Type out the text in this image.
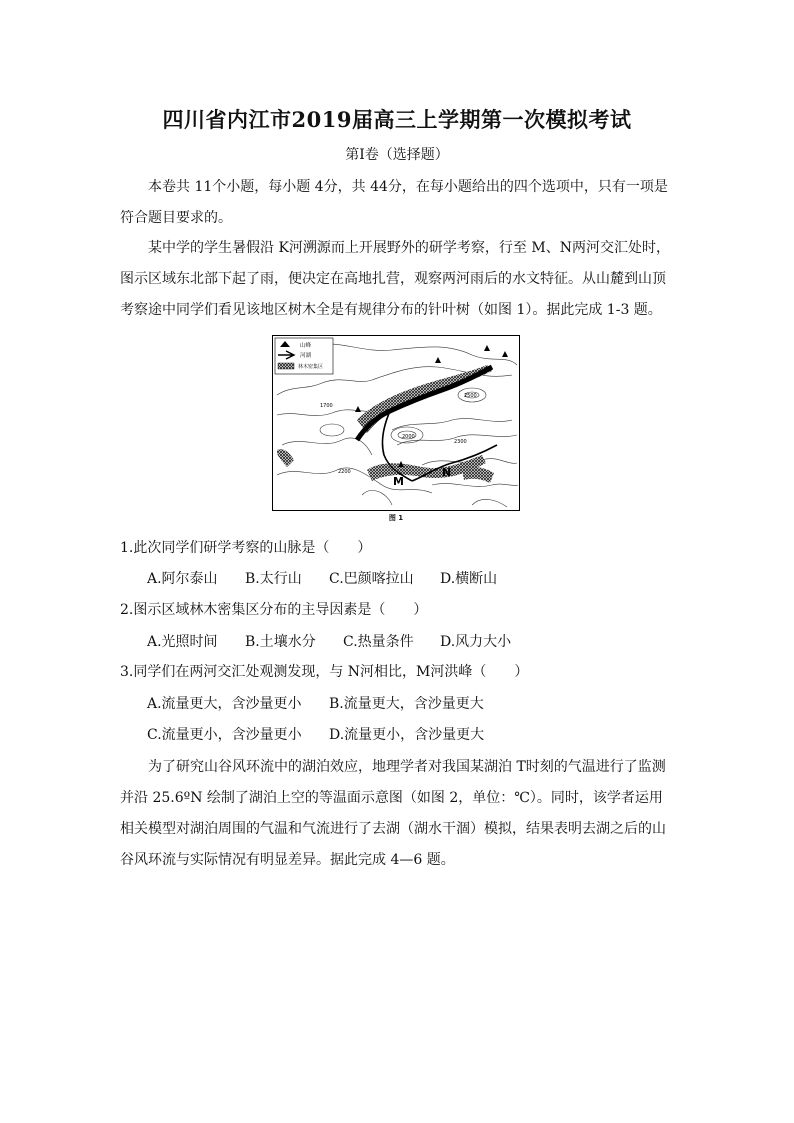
四川省内江市2019届高三上学期第一次模拟考试
第Ⅰ卷（选择题）

本卷共 11个小题，每小题 4分，共 44分，在每小题给出的四个选项中，只有一项是符合题目要求的。

某中学的学生暑假沿 K河溯源而上开展野外的研学考察，行至 M、N两河交汇处时，图示区域东北部下起了雨，便决定在高地扎营，观察两河雨后的水文特征。从山麓到山顶考察途中同学们看见该地区树木全是有规律分布的针叶树（如图 1）。据此完成 1-3 题。

山峰
河湖
林木密集区
1700
2000
2300
2500
2200
M
N
图 1

1.此次同学们研学考察的山脉是（　　）

A.阿尔泰山 B.太行山 C.巴颜喀拉山 D.横断山

2.图示区域林木密集区分布的主导因素是（　　）

A.光照时间 B.土壤水分 C.热量条件 D.风力大小

3.同学们在两河交汇处观测发现，与 N河相比，M河洪峰（　　）

A.流量更大，含沙量更小 B.流量更大，含沙量更大
C.流量更小，含沙量更小 D.流量更小，含沙量更大

为了研究山谷风环流中的湖泊效应，地理学者对我国某湖泊 T时刻的气温进行了监测并沿 25.6ºN 绘制了湖泊上空的等温面示意图（如图 2，单位：℃）。同时，该学者运用相关模型对湖泊周围的气温和气流进行了去湖（湖水干涸）模拟，结果表明去湖之后的山谷风环流与实际情况有明显差异。据此完成 4—6 题。
